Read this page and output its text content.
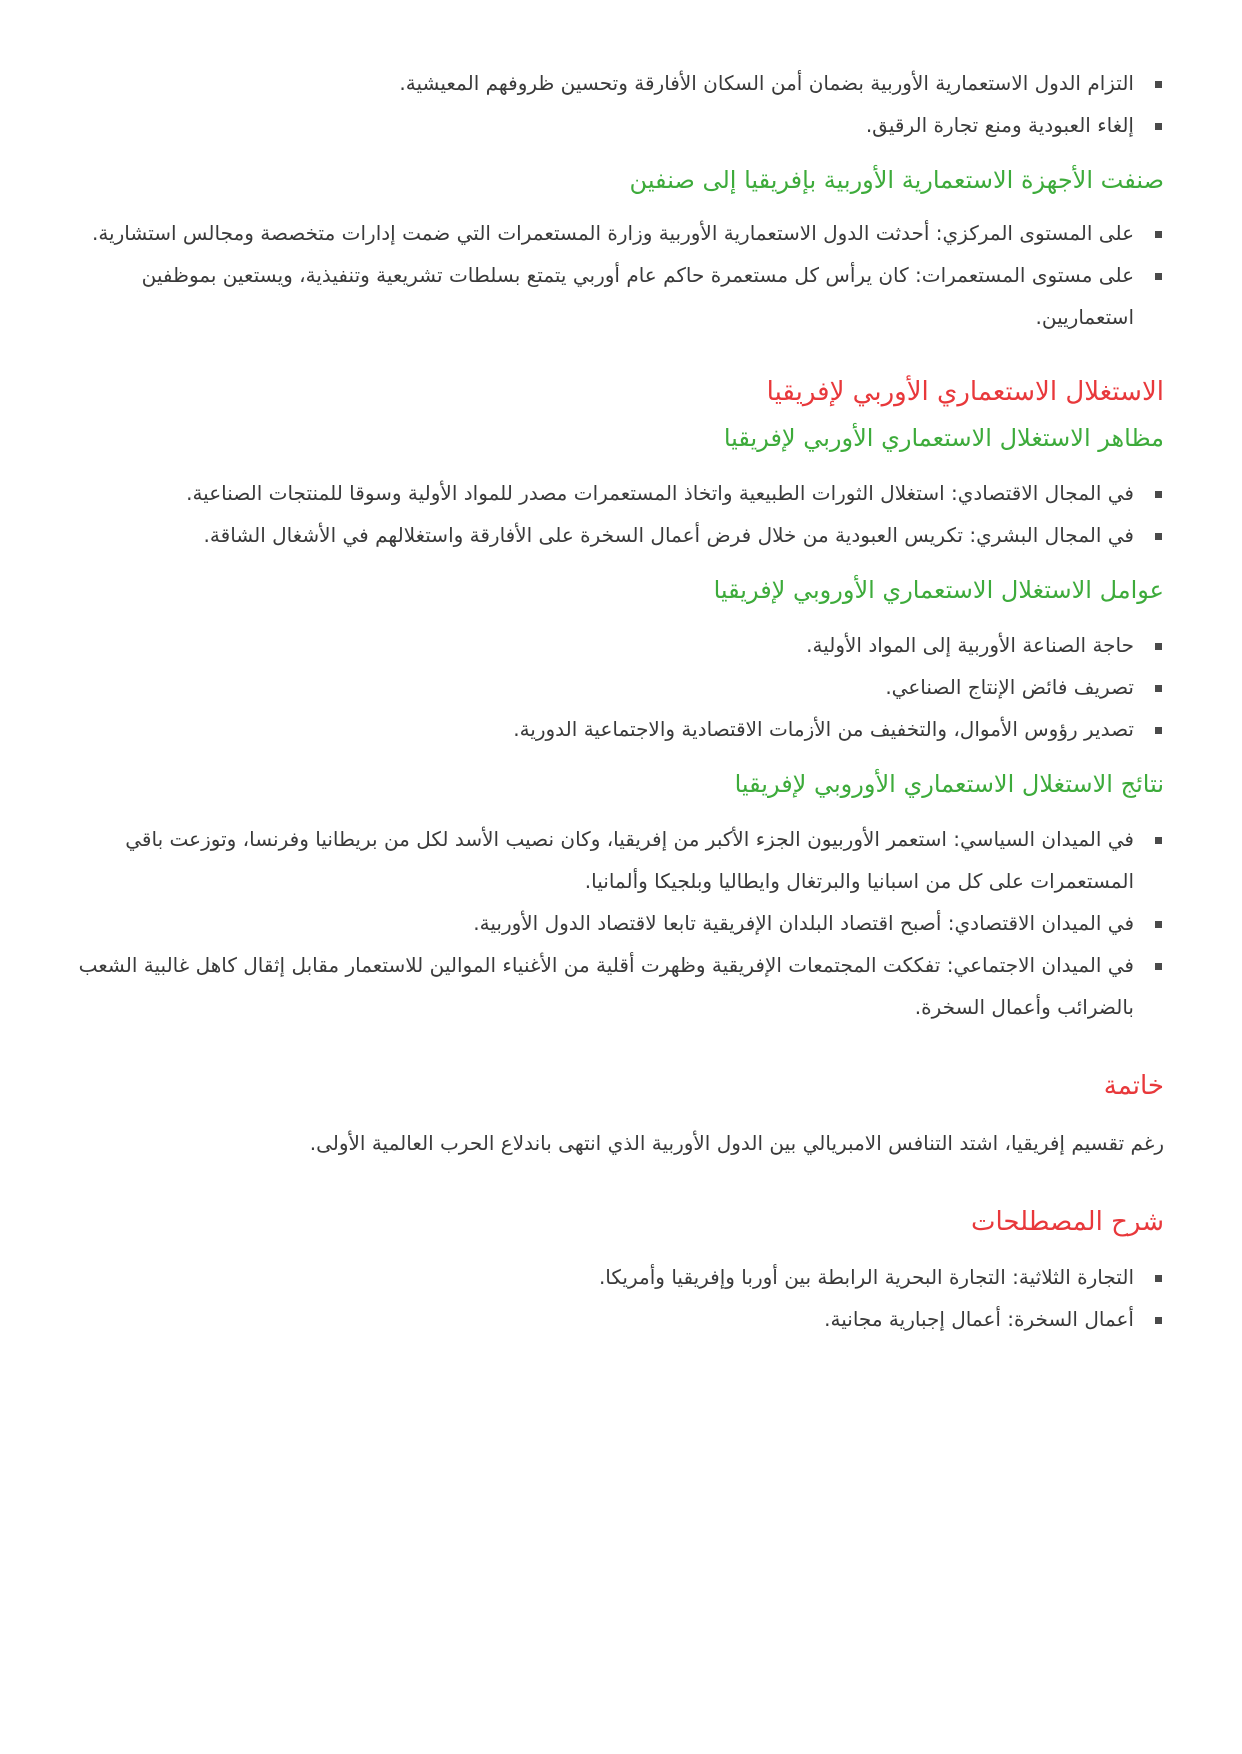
التزام الدول الاستعمارية الأوربية بضمان أمن السكان الأفارقة وتحسين ظروفهم المعيشية.
إلغاء العبودية ومنع تجارة الرقيق.
صنفت الأجهزة الاستعمارية الأوربية بإفريقيا إلى صنفين
على المستوى المركزي: أحدثت الدول الاستعمارية الأوربية وزارة المستعمرات التي ضمت إدارات متخصصة ومجالس استشارية.
على مستوى المستعمرات: كان يرأس كل مستعمرة حاكم عام أوربي يتمتع بسلطات تشريعية وتنفيذية، ويستعين بموظفين استعماريين.
الاستغلال الاستعماري الأوربي لإفريقيا
مظاهر الاستغلال الاستعماري الأوربي لإفريقيا
في المجال الاقتصادي: استغلال الثورات الطبيعية واتخاذ المستعمرات مصدر للمواد الأولية وسوقا للمنتجات الصناعية.
في المجال البشري: تكريس العبودية من خلال فرض أعمال السخرة على الأفارقة واستغلالهم في الأشغال الشاقة.
عوامل الاستغلال الاستعماري الأوروبي لإفريقيا
حاجة الصناعة الأوربية إلى المواد الأولية.
تصريف فائض الإنتاج الصناعي.
تصدير رؤوس الأموال، والتخفيف من الأزمات الاقتصادية والاجتماعية الدورية.
نتائج الاستغلال الاستعماري الأوروبي لإفريقيا
في الميدان السياسي: استعمر الأوربيون الجزء الأكبر من إفريقيا، وكان نصيب الأسد لكل من بريطانيا وفرنسا، وتوزعت باقي المستعمرات على كل من اسبانيا والبرتغال وايطاليا وبلجيكا وألمانيا.
في الميدان الاقتصادي: أصبح اقتصاد البلدان الإفريقية تابعا لاقتصاد الدول الأوربية.
في الميدان الاجتماعي: تفككت المجتمعات الإفريقية وظهرت أقلية من الأغنياء الموالين للاستعمار مقابل إثقال كاهل غالبية الشعب بالضرائب وأعمال السخرة.
خاتمة

رغم تقسيم إفريقيا، اشتد التنافس الامبريالي بين الدول الأوربية الذي انتهى باندلاع الحرب العالمية الأولى.

شرح المصطلحات
التجارة الثلاثية: التجارة البحرية الرابطة بين أوربا وإفريقيا وأمريكا.
أعمال السخرة: أعمال إجبارية مجانية.
